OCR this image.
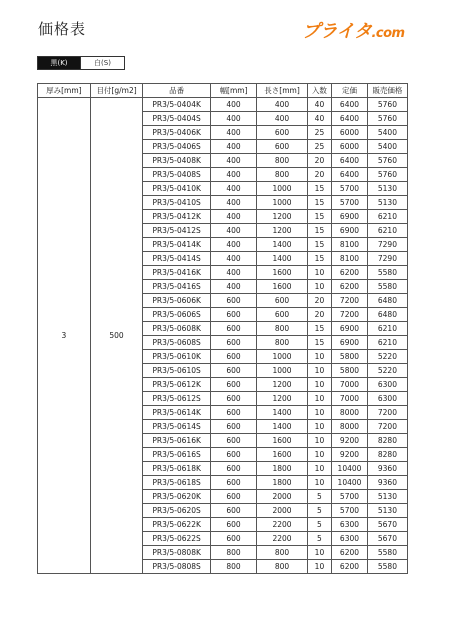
価格表	プライタ.com
黒(K)	白(S)
厚み[mm]	目付[g/m2]	品番	幅[mm]	長さ[mm]	入数	定価	販売価格
3	500	PR3/5-0404K	400	400	40	6400	5760
		PR3/5-0404S	400	400	40	6400	5760
		PR3/5-0406K	400	600	25	6000	5400
		PR3/5-0406S	400	600	25	6000	5400
		PR3/5-0408K	400	800	20	6400	5760
		PR3/5-0408S	400	800	20	6400	5760
		PR3/5-0410K	400	1000	15	5700	5130
		PR3/5-0410S	400	1000	15	5700	5130
		PR3/5-0412K	400	1200	15	6900	6210
		PR3/5-0412S	400	1200	15	6900	6210
		PR3/5-0414K	400	1400	15	8100	7290
		PR3/5-0414S	400	1400	15	8100	7290
		PR3/5-0416K	400	1600	10	6200	5580
		PR3/5-0416S	400	1600	10	6200	5580
		PR3/5-0606K	600	600	20	7200	6480
		PR3/5-0606S	600	600	20	7200	6480
		PR3/5-0608K	600	800	15	6900	6210
		PR3/5-0608S	600	800	15	6900	6210
		PR3/5-0610K	600	1000	10	5800	5220
		PR3/5-0610S	600	1000	10	5800	5220
		PR3/5-0612K	600	1200	10	7000	6300
		PR3/5-0612S	600	1200	10	7000	6300
		PR3/5-0614K	600	1400	10	8000	7200
		PR3/5-0614S	600	1400	10	8000	7200
		PR3/5-0616K	600	1600	10	9200	8280
		PR3/5-0616S	600	1600	10	9200	8280
		PR3/5-0618K	600	1800	10	10400	9360
		PR3/5-0618S	600	1800	10	10400	9360
		PR3/5-0620K	600	2000	5	5700	5130
		PR3/5-0620S	600	2000	5	5700	5130
		PR3/5-0622K	600	2200	5	6300	5670
		PR3/5-0622S	600	2200	5	6300	5670
		PR3/5-0808K	800	800	10	6200	5580
		PR3/5-0808S	800	800	10	6200	5580
